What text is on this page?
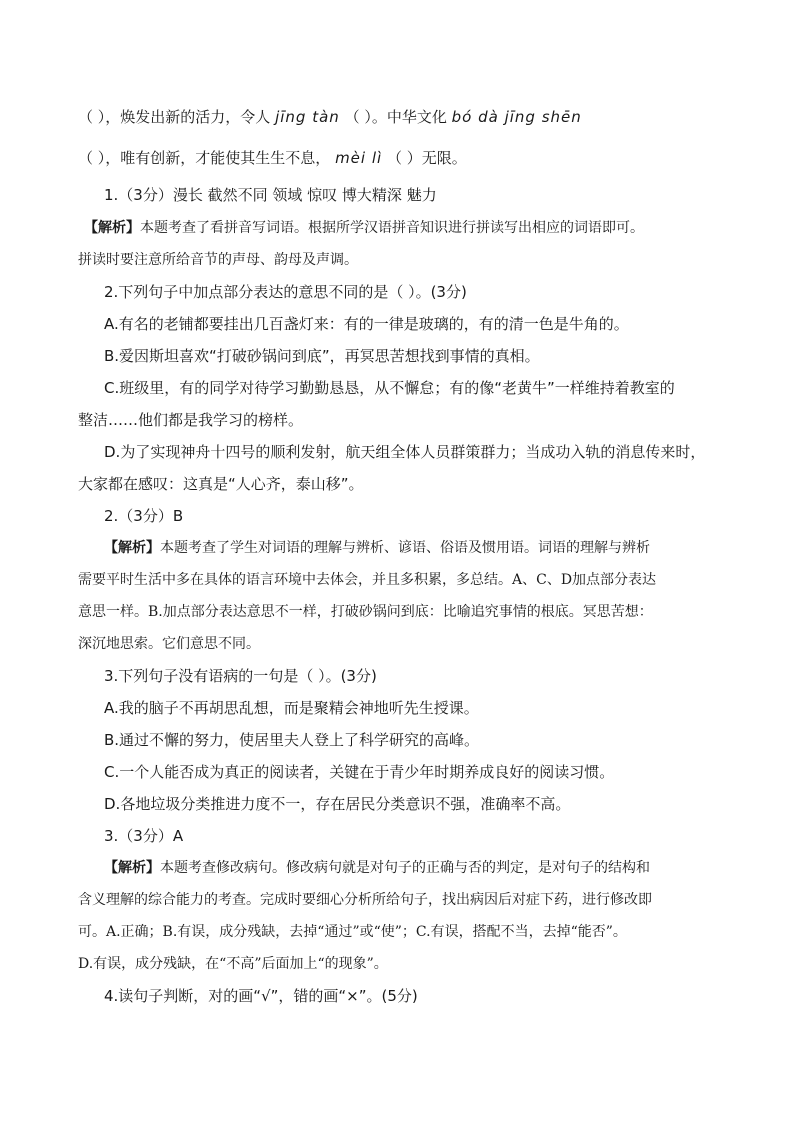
（ ），焕发出新的活力，令人 jīng tàn （ ）。中华文化 bó dà jīng shēn
（ ），唯有创新，才能使其生生不息， mèi lì （ ）无限。
1.（3分）漫长 截然不同 领域 惊叹 博大精深 魅力
【解析】本题考查了看拼音写词语。根据所学汉语拼音知识进行拼读写出相应的词语即可。
拼读时要注意所给音节的声母、韵母及声调。
2.下列句子中加点部分表达的意思不同的是（ ）。(3分)
A.有名的老铺都要挂出几百盏灯来：有的一律是玻璃的，有的清一色是牛角的。
B.爱因斯坦喜欢“打破砂锅问到底”，再冥思苦想找到事情的真相。
C.班级里，有的同学对待学习勤勤恳恳，从不懈怠；有的像“老黄牛”一样维持着教室的
整洁……他们都是我学习的榜样。
D.为了实现神舟十四号的顺利发射，航天组全体人员群策群力；当成功入轨的消息传来时，
大家都在感叹：这真是“人心齐，泰山移”。
2.（3分）B
【解析】本题考查了学生对词语的理解与辨析、谚语、俗语及惯用语。词语的理解与辨析
需要平时生活中多在具体的语言环境中去体会，并且多积累，多总结。A、C、D加点部分表达
意思一样。B.加点部分表达意思不一样，打破砂锅问到底：比喻追究事情的根底。冥思苦想：
深沉地思索。它们意思不同。
3.下列句子没有语病的一句是（ ）。(3分)
A.我的脑子不再胡思乱想，而是聚精会神地听先生授课。
B.通过不懈的努力，使居里夫人登上了科学研究的高峰。
C.一个人能否成为真正的阅读者，关键在于青少年时期养成良好的阅读习惯。
D.各地垃圾分类推进力度不一，存在居民分类意识不强，准确率不高。
3.（3分）A
【解析】本题考查修改病句。修改病句就是对句子的正确与否的判定，是对句子的结构和
含义理解的综合能力的考查。完成时要细心分析所给句子，找出病因后对症下药，进行修改即
可。A.正确；B.有误，成分残缺，去掉“通过”或“使”；C.有误，搭配不当，去掉“能否”。
D.有误，成分残缺，在“不高”后面加上“的现象”。
4.读句子判断，对的画“√”，错的画“×”。(5分)
